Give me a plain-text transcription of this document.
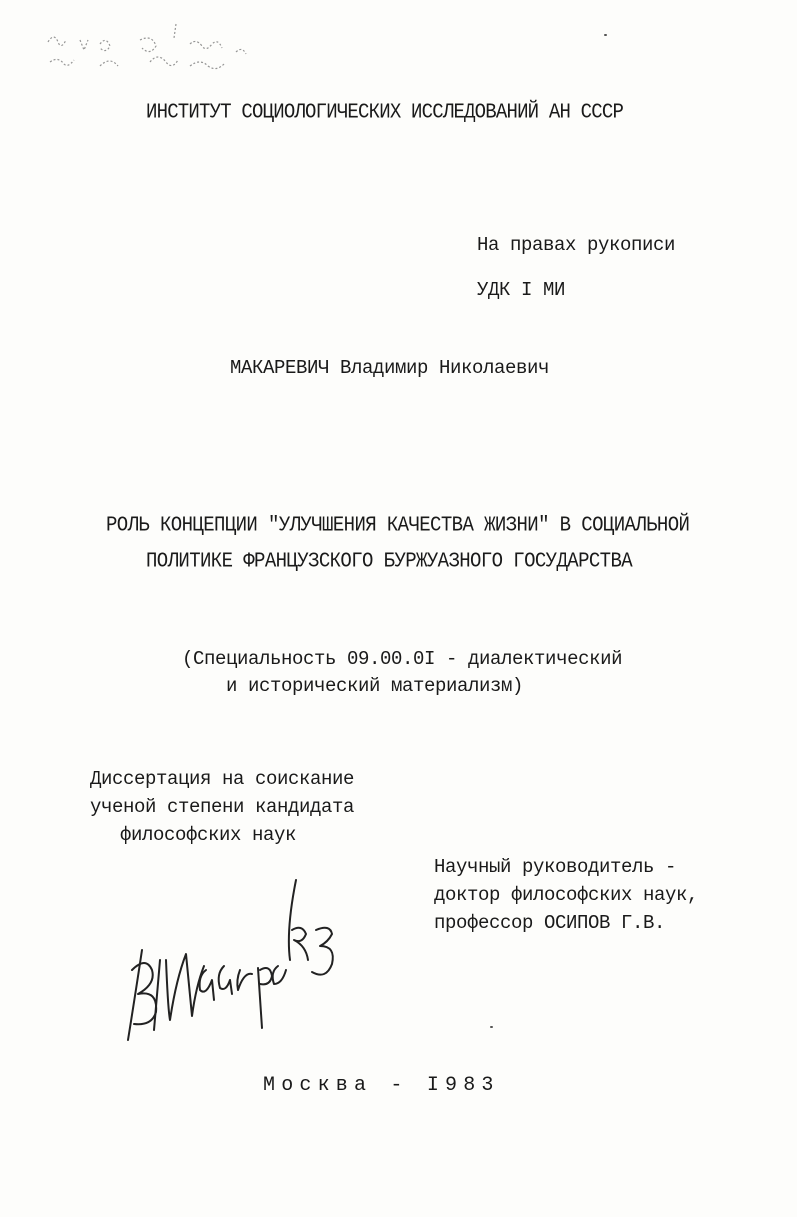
ИНСТИТУТ СОЦИОЛОГИЧЕСКИХ ИССЛЕДОВАНИЙ АН СССР
На правах рукописи
УДК I МИ
МАКАРЕВИЧ Владимир Николаевич
РОЛЬ КОНЦЕПЦИИ "УЛУЧШЕНИЯ КАЧЕСТВА ЖИЗНИ" В СОЦИАЛЬНОЙ
ПОЛИТИКЕ ФРАНЦУЗСКОГО БУРЖУАЗНОГО ГОСУДАРСТВА
(Специальность 09.00.0I - диалектический
и исторический материализм)
Диссертация на соискание
ученой степени кандидата
философских наук
Научный руководитель -
доктор философских наук,
профессор ОСИПОВ Г.В.
Москва - I983
